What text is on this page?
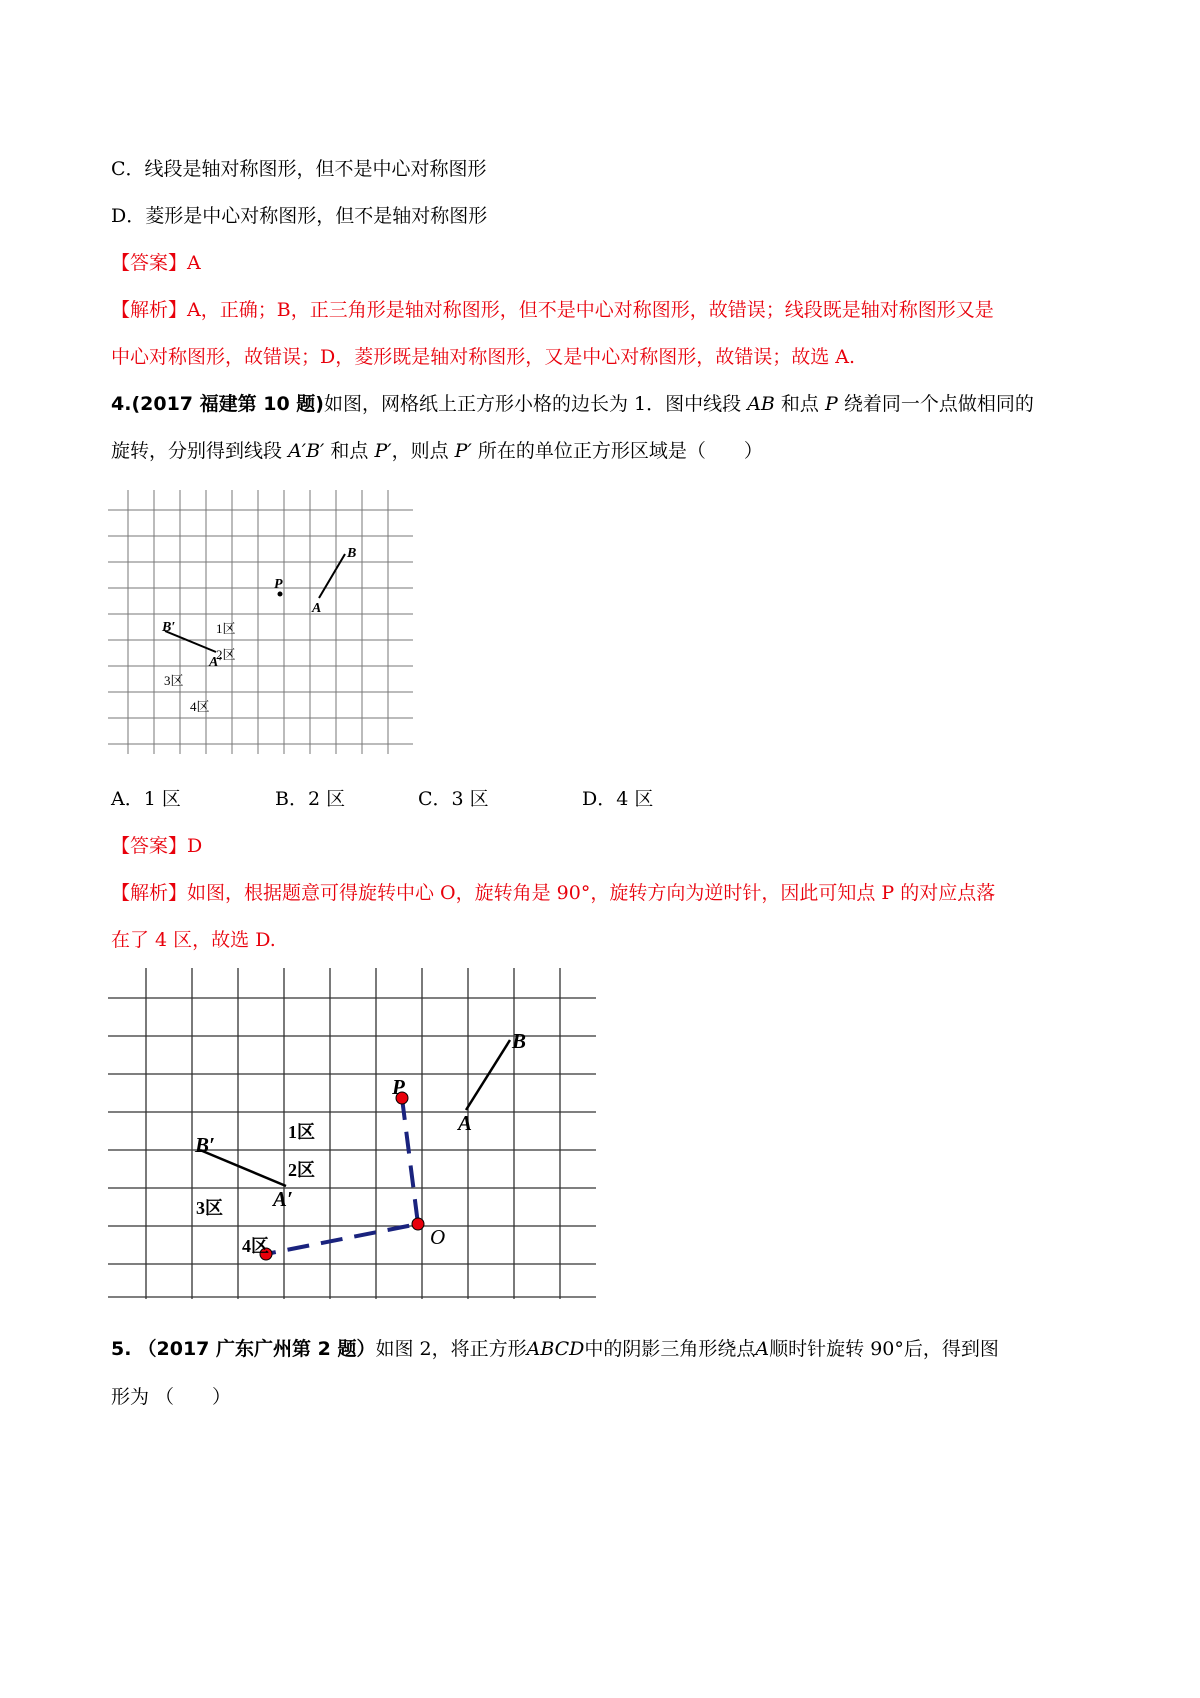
C．线段是轴对称图形，但不是中心对称图形
D．菱形是中心对称图形，但不是轴对称图形
【答案】A
【解析】A，正确；B，正三角形是轴对称图形，但不是中心对称图形，故错误；线段既是轴对称图形又是
中心对称图形，故错误；D，菱形既是轴对称图形，又是中心对称图形，故错误；故选 A.
4.(2017 福建第 10 题)如图，网格纸上正方形小格的边长为 1．图中线段 AB 和点 P 绕着同一个点做相同的
旋转，分别得到线段 A′B′ 和点 P′，则点 P′ 所在的单位正方形区域是（　　）
B
P
A
B′
A′
1区
2区
3区
4区
A．1 区	B．2 区	C．3 区	D．4 区
【答案】D
【解析】如图，根据题意可得旋转中心 O，旋转角是 90°，旋转方向为逆时针，因此可知点 P 的对应点落
在了 4 区，故选 D.
B
P
A
B′
A′
O
1区
2区
3区
4区
5. （2017 广东广州第 2 题）如图 2，将正方形ABCD中的阴影三角形绕点A顺时针旋转 90°后，得到图
形为 （　　）
